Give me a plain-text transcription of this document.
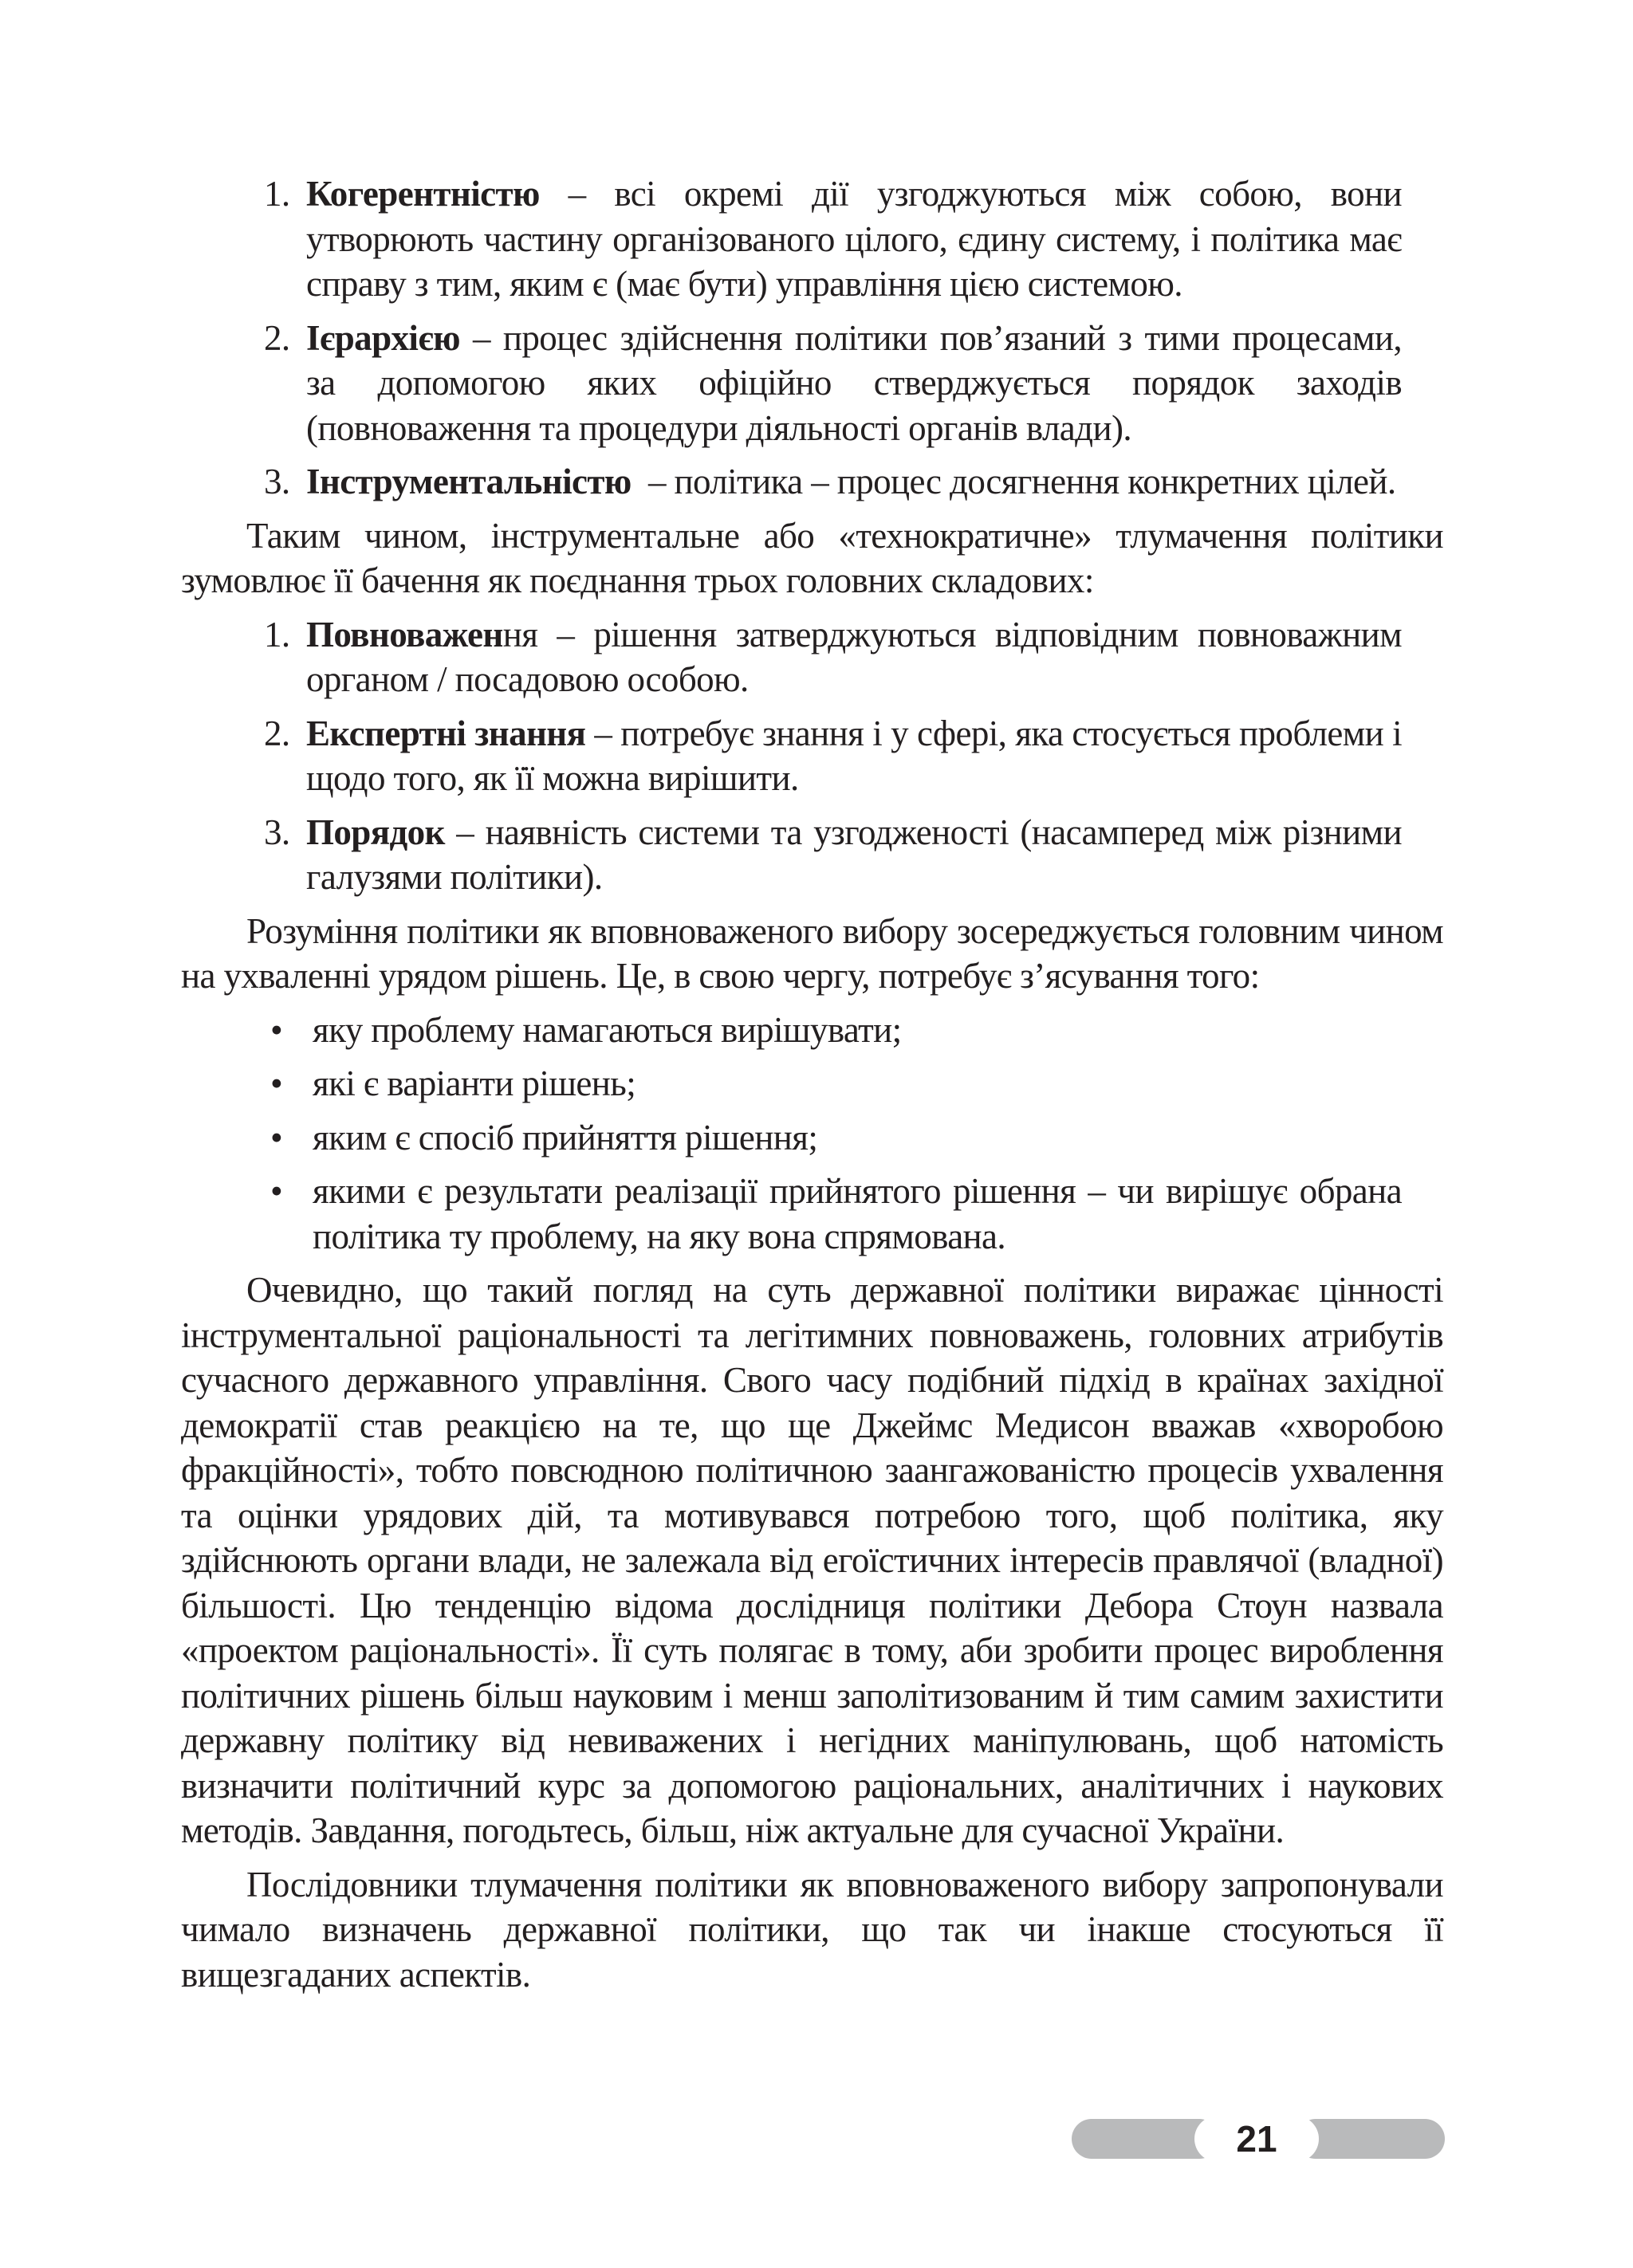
1. Когерентністю – всі окремі дії узгоджуються між собою, вони утворюють частину організованого цілого, єдину систему, і політика має справу з тим, яким є (має бути) управління цією системою.
2. Ієрархією – процес здійснення політики пов’язаний з тими процесами, за допомогою яких офіційно стверджується порядок заходів (повноваження та процедури діяльності органів влади).
3. Інструментальністю  – політика – процес досягнення конкретних цілей.

Таким чином, інструментальне або «технократичне» тлумачення політики зумовлює її бачення як поєднання трьох головних складових:

1. Повноваження – рішення затверджуються відповідним повноважним органом / посадовою особою.
2. Експертні знання – потребує знання і у сфері, яка стосується проблеми і щодо того, як її можна вирішити.
3. Порядок – наявність системи та узгодженості (насамперед між різними галузями політики).

Розуміння політики як вповноваженого вибору зосереджується головним чином на ухваленні урядом рішень. Це, в свою чергу, потребує з’ясування того:

• яку проблему намагаються вирішувати;
• які є варіанти рішень;
• яким є спосіб прийняття рішення;
• якими є результати реалізації прийнятого рішення – чи вирішує обрана політика ту проблему, на яку вона спрямована.

Очевидно, що такий погляд на суть державної політики виражає цінності інструментальної раціональності та легітимних повноважень, головних атрибутів сучасного державного управління. Свого часу подібний підхід в країнах західної демократії став реакцією на те, що ще Джеймс Медисон вважав «хворобою фракційності», тобто повсюдною політичною заангажованістю процесів ухвалення та оцінки урядових дій, та мотивувався потребою того, щоб політика, яку здійснюють органи влади, не залежала від егоїстичних інтересів правлячої (владної) більшості. Цю тенденцію відома дослідниця політики Дебора Стоун назвала «проектом раціональності». Її суть полягає в тому, аби зробити процес вироблення політичних рішень більш науковим і менш заполітизованим й тим самим захистити державну політику від невиважених і негідних маніпулювань, щоб натомість визначити політичний курс за допомогою раціональних, аналітичних і наукових методів. Завдання, погодьтесь, більш, ніж актуальне для сучасної України.

Послідовники тлумачення політики як вповноваженого вибору запропонували чимало визначень державної політики, що так чи інакше стосуються її вищезгаданих аспектів.

21
